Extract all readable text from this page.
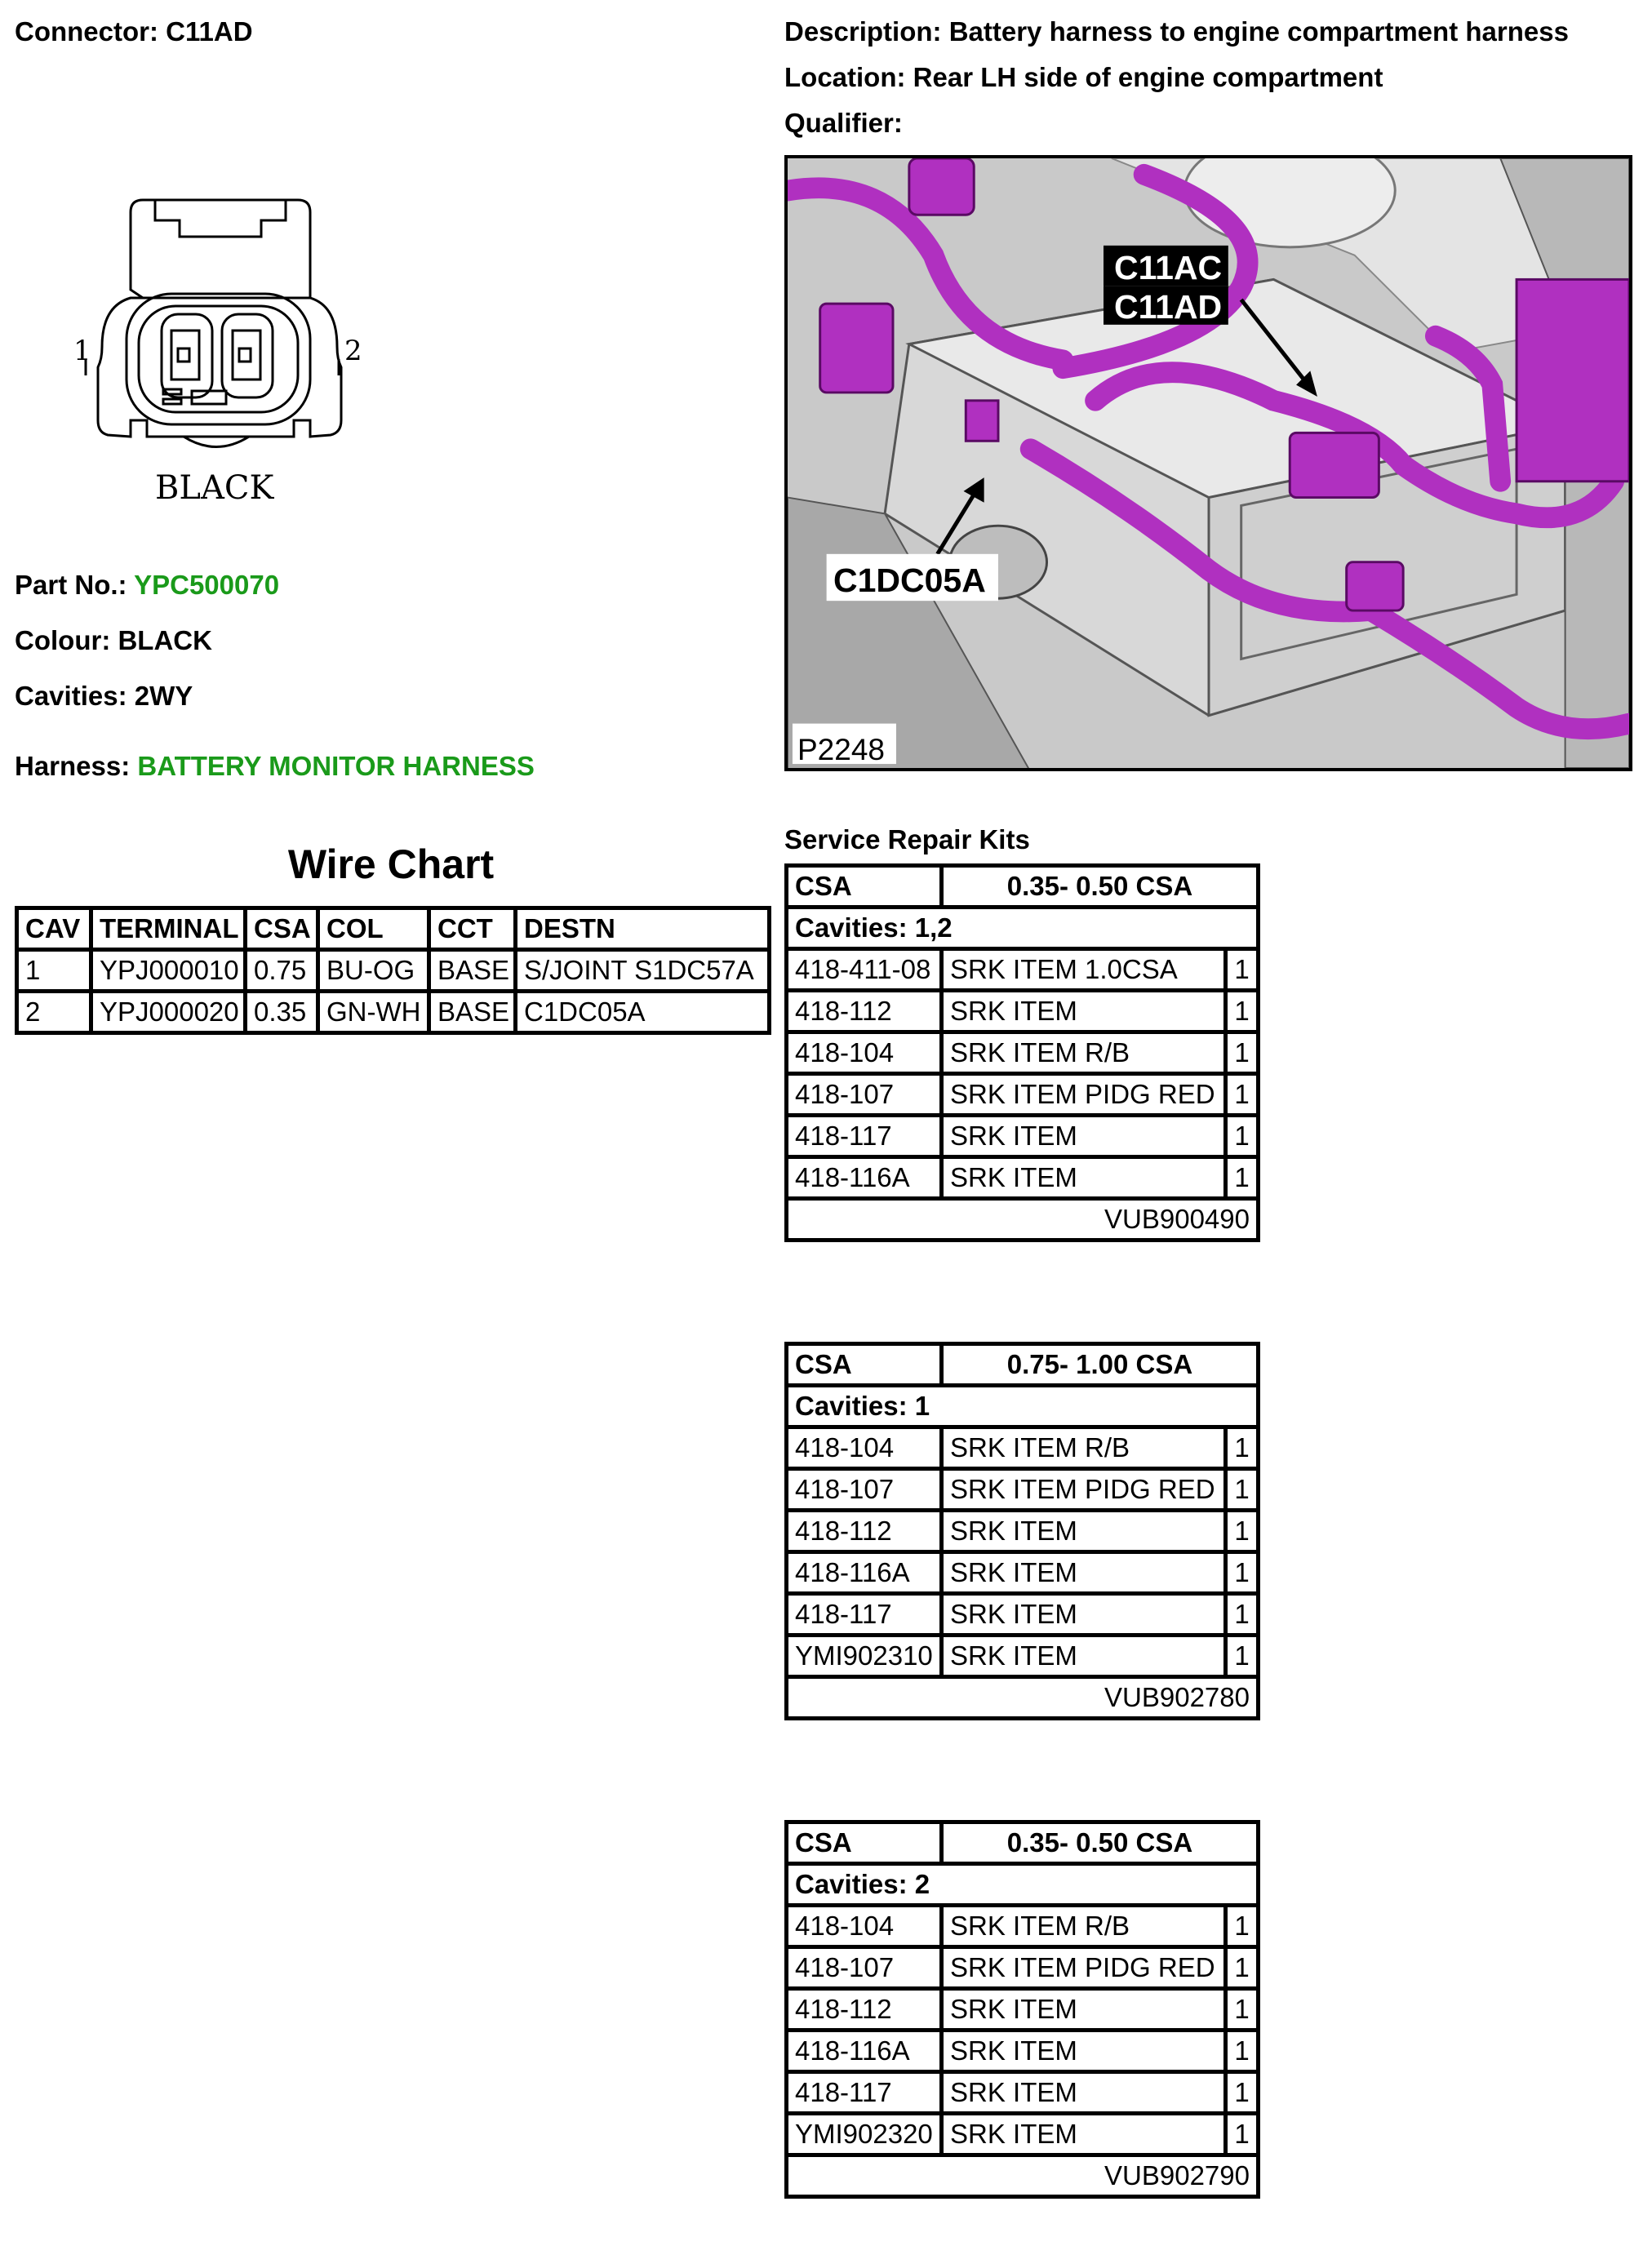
Connector: C11AD	Description: Battery harness to engine compartment harness
Location: Rear LH side of engine compartment
Qualifier:
1	2
BLACK
Part No.: YPC500070
Colour: BLACK
Cavities: 2WY
Harness: BATTERY MONITOR HARNESS
Wire Chart
CAV	TERMINAL	CSA	COL	CCT	DESTN
1	YPJ000010	0.75	BU-OG	BASE	S/JOINT S1DC57A
2	YPJ000020	0.35	GN-WH	BASE	C1DC05A
C11AC
C11AD
C1DC05A
P2248
Service Repair Kits
CSA	0.35- 0.50 CSA	
Cavities: 1,2		
418-411-08	SRK ITEM 1.0CSA	1
418-112	SRK ITEM	1
418-104	SRK ITEM R/B	1
418-107	SRK ITEM PIDG RED	1
418-117	SRK ITEM	1
418-116A	SRK ITEM	1
VUB900490		
CSA	0.75- 1.00 CSA	
Cavities: 1		
418-104	SRK ITEM R/B	1
418-107	SRK ITEM PIDG RED	1
418-112	SRK ITEM	1
418-116A	SRK ITEM	1
418-117	SRK ITEM	1
YMI902310	SRK ITEM	1
VUB902780		
CSA	0.35- 0.50 CSA	
Cavities: 2		
418-104	SRK ITEM R/B	1
418-107	SRK ITEM PIDG RED	1
418-112	SRK ITEM	1
418-116A	SRK ITEM	1
418-117	SRK ITEM	1
YMI902320	SRK ITEM	1
VUB902790		
